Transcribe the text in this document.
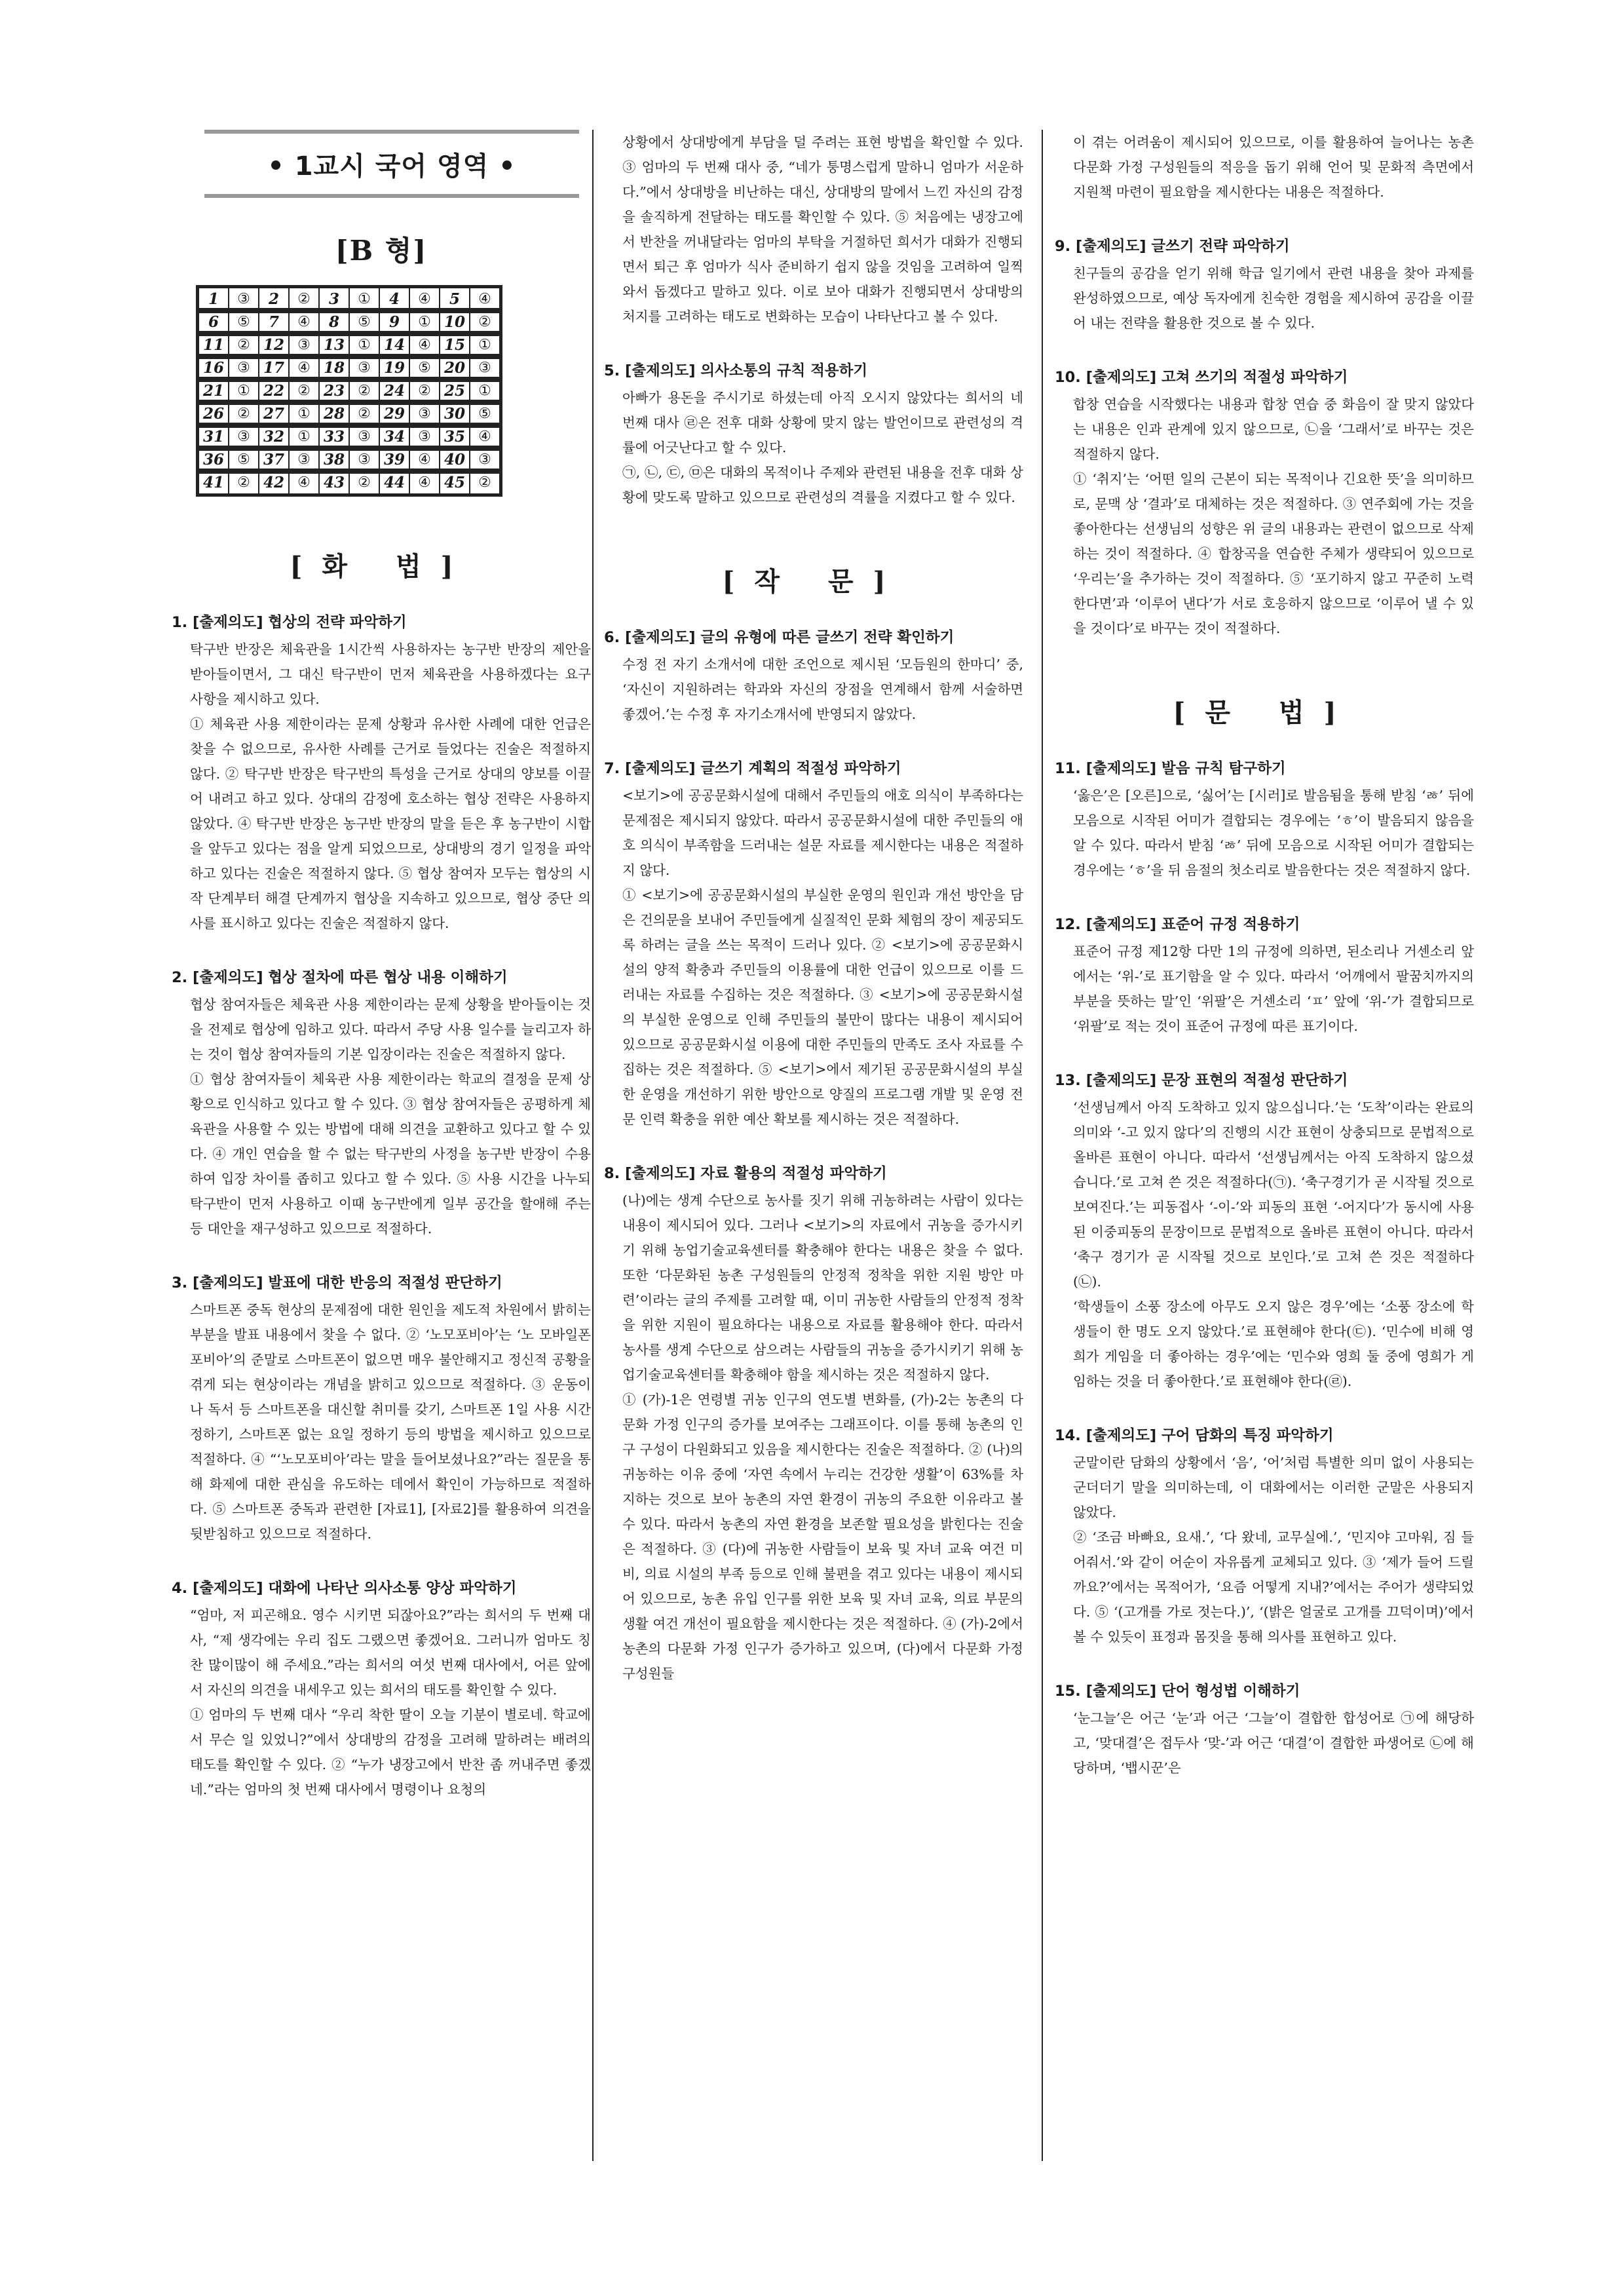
• 1교시 국어 영역 •
[B 형]
1	③	2	②	3	①	4	④	5	④
6	⑤	7	④	8	⑤	9	①	10	②
11	②	12	③	13	①	14	④	15	①
16	③	17	④	18	③	19	⑤	20	③
21	①	22	②	23	②	24	②	25	①
26	②	27	①	28	②	29	③	30	⑤
31	③	32	①	33	③	34	③	35	④
36	⑤	37	③	38	③	39	④	40	③
41	②	42	④	43	②	44	④	45	②
[화 법]
1. [출제의도] 협상의 전략 파악하기

탁구반 반장은 체육관을 1시간씩 사용하자는 농구반 반장의 제안을 받아들이면서, 그 대신 탁구반이 먼저 체육관을 사용하겠다는 요구 사항을 제시하고 있다.

① 체육관 사용 제한이라는 문제 상황과 유사한 사례에 대한 언급은 찾을 수 없으므로, 유사한 사례를 근거로 들었다는 진술은 적절하지 않다. ② 탁구반 반장은 탁구반의 특성을 근거로 상대의 양보를 이끌어 내려고 하고 있다. 상대의 감정에 호소하는 협상 전략은 사용하지 않았다. ④ 탁구반 반장은 농구반 반장의 말을 듣은 후 농구반이 시합을 앞두고 있다는 점을 알게 되었으므로, 상대방의 경기 일정을 파악하고 있다는 진술은 적절하지 않다. ⑤ 협상 참여자 모두는 협상의 시작 단계부터 해결 단계까지 협상을 지속하고 있으므로, 협상 중단 의사를 표시하고 있다는 진술은 적절하지 않다.

2. [출제의도] 협상 절차에 따른 협상 내용 이해하기

협상 참여자들은 체육관 사용 제한이라는 문제 상황을 받아들이는 것을 전제로 협상에 임하고 있다. 따라서 주당 사용 일수를 늘리고자 하는 것이 협상 참여자들의 기본 입장이라는 진술은 적절하지 않다.

① 협상 참여자들이 체육관 사용 제한이라는 학교의 결정을 문제 상황으로 인식하고 있다고 할 수 있다. ③ 협상 참여자들은 공평하게 체육관을 사용할 수 있는 방법에 대해 의견을 교환하고 있다고 할 수 있다. ④ 개인 연습을 할 수 없는 탁구반의 사정을 농구반 반장이 수용하여 입장 차이를 좁히고 있다고 할 수 있다. ⑤ 사용 시간을 나누되 탁구반이 먼저 사용하고 이때 농구반에게 일부 공간을 할애해 주는 등 대안을 재구성하고 있으므로 적절하다.

3. [출제의도] 발표에 대한 반응의 적절성 판단하기

스마트폰 중독 현상의 문제점에 대한 원인을 제도적 차원에서 밝히는 부분을 발표 내용에서 찾을 수 없다. ② ‘노모포비아’는 ‘노 모바일폰 포비아’의 준말로 스마트폰이 없으면 매우 불안해지고 정신적 공황을 겪게 되는 현상이라는 개념을 밝히고 있으므로 적절하다. ③ 운동이나 독서 등 스마트폰을 대신할 취미를 갖기, 스마트폰 1일 사용 시간 정하기, 스마트폰 없는 요일 정하기 등의 방법을 제시하고 있으므로 적절하다. ④ “‘노모포비아’라는 말을 들어보셨나요?”라는 질문을 통해 화제에 대한 관심을 유도하는 데에서 확인이 가능하므로 적절하다. ⑤ 스마트폰 중독과 관련한 [자료1], [자료2]를 활용하여 의견을 뒷받침하고 있으므로 적절하다.

4. [출제의도] 대화에 나타난 의사소통 양상 파악하기

“엄마, 저 피곤해요. 영수 시키면 되잖아요?”라는 희서의 두 번째 대사, “제 생각에는 우리 집도 그랬으면 좋겠어요. 그러니까 엄마도 칭찬 많이많이 해 주세요.”라는 희서의 여섯 번째 대사에서, 어른 앞에서 자신의 의견을 내세우고 있는 희서의 태도를 확인할 수 있다.

① 엄마의 두 번째 대사 “우리 착한 딸이 오늘 기분이 별로네. 학교에서 무슨 일 있었니?”에서 상대방의 감정을 고려해 말하려는 배려의 태도를 확인할 수 있다. ② “누가 냉장고에서 반찬 좀 꺼내주면 좋겠네.”라는 엄마의 첫 번째 대사에서 명령이나 요청의

상황에서 상대방에게 부담을 덜 주려는 표현 방법을 확인할 수 있다. ③ 엄마의 두 번째 대사 중, “네가 퉁명스럽게 말하니 엄마가 서운하다.”에서 상대방을 비난하는 대신, 상대방의 말에서 느낀 자신의 감정을 솔직하게 전달하는 태도를 확인할 수 있다. ⑤ 처음에는 냉장고에서 반찬을 꺼내달라는 엄마의 부탁을 거절하던 희서가 대화가 진행되면서 퇴근 후 엄마가 식사 준비하기 쉽지 않을 것임을 고려하여 일찍 와서 돕겠다고 말하고 있다. 이로 보아 대화가 진행되면서 상대방의 처지를 고려하는 태도로 변화하는 모습이 나타난다고 볼 수 있다.

5. [출제의도] 의사소통의 규칙 적용하기

아빠가 용돈을 주시기로 하셨는데 아직 오시지 않았다는 희서의 네 번째 대사 ㉣은 전후 대화 상황에 맞지 않는 발언이므로 관련성의 격률에 어긋난다고 할 수 있다.

㉠, ㉡, ㉢, ㉤은 대화의 목적이나 주제와 관련된 내용을 전후 대화 상황에 맞도록 말하고 있으므로 관련성의 격률을 지켰다고 할 수 있다.

[작 문]
6. [출제의도] 글의 유형에 따른 글쓰기 전략 확인하기

수정 전 자기 소개서에 대한 조언으로 제시된 ‘모듬원의 한마디’ 중, ‘자신이 지원하려는 학과와 자신의 장점을 연계해서 함께 서술하면 좋겠어.’는 수정 후 자기소개서에 반영되지 않았다.

7. [출제의도] 글쓰기 계획의 적절성 파악하기

<보기>에 공공문화시설에 대해서 주민들의 애호 의식이 부족하다는 문제점은 제시되지 않았다. 따라서 공공문화시설에 대한 주민들의 애호 의식이 부족함을 드러내는 설문 자료를 제시한다는 내용은 적절하지 않다.

① <보기>에 공공문화시설의 부실한 운영의 원인과 개선 방안을 담은 건의문을 보내어 주민들에게 실질적인 문화 체험의 장이 제공되도록 하려는 글을 쓰는 목적이 드러나 있다. ② <보기>에 공공문화시설의 양적 확충과 주민들의 이용률에 대한 언급이 있으므로 이를 드러내는 자료를 수집하는 것은 적절하다. ③ <보기>에 공공문화시설의 부실한 운영으로 인해 주민들의 불만이 많다는 내용이 제시되어 있으므로 공공문화시설 이용에 대한 주민들의 만족도 조사 자료를 수집하는 것은 적절하다. ⑤ <보기>에서 제기된 공공문화시설의 부실한 운영을 개선하기 위한 방안으로 양질의 프로그램 개발 및 운영 전문 인력 확충을 위한 예산 확보를 제시하는 것은 적절하다.

8. [출제의도] 자료 활용의 적절성 파악하기

(나)에는 생계 수단으로 농사를 짓기 위해 귀농하려는 사람이 있다는 내용이 제시되어 있다. 그러나 <보기>의 자료에서 귀농을 증가시키기 위해 농업기술교육센터를 확충해야 한다는 내용은 찾을 수 없다. 또한 ‘다문화된 농촌 구성원들의 안정적 정착을 위한 지원 방안 마련’이라는 글의 주제를 고려할 때, 이미 귀농한 사람들의 안정적 정착을 위한 지원이 필요하다는 내용으로 자료를 활용해야 한다. 따라서 농사를 생계 수단으로 삼으려는 사람들의 귀농을 증가시키기 위해 농업기술교육센터를 확충해야 함을 제시하는 것은 적절하지 않다.

① (가)-1은 연령별 귀농 인구의 연도별 변화를, (가)-2는 농촌의 다문화 가정 인구의 증가를 보여주는 그래프이다. 이를 통해 농촌의 인구 구성이 다원화되고 있음을 제시한다는 진술은 적절하다. ② (나)의 귀농하는 이유 중에 ‘자연 속에서 누리는 건강한 생활’이 63%를 차지하는 것으로 보아 농촌의 자연 환경이 귀농의 주요한 이유라고 볼 수 있다. 따라서 농촌의 자연 환경을 보존할 필요성을 밝힌다는 진술은 적절하다. ③ (다)에 귀농한 사람들이 보육 및 자녀 교육 여건 미비, 의료 시설의 부족 등으로 인해 불편을 겪고 있다는 내용이 제시되어 있으므로, 농촌 유입 인구를 위한 보육 및 자녀 교육, 의료 부문의 생활 여건 개선이 필요함을 제시한다는 것은 적절하다. ④ (가)-2에서 농촌의 다문화 가정 인구가 증가하고 있으며, (다)에서 다문화 가정 구성원들

이 겪는 어려움이 제시되어 있으므로, 이를 활용하여 늘어나는 농촌 다문화 가정 구성원들의 적응을 돕기 위해 언어 및 문화적 측면에서 지원책 마련이 필요함을 제시한다는 내용은 적절하다.

9. [출제의도] 글쓰기 전략 파악하기

친구들의 공감을 얻기 위해 학급 일기에서 관련 내용을 찾아 과제를 완성하였으므로, 예상 독자에게 친숙한 경험을 제시하여 공감을 이끌어 내는 전략을 활용한 것으로 볼 수 있다.

10. [출제의도] 고쳐 쓰기의 적절성 파악하기

합창 연습을 시작했다는 내용과 합창 연습 중 화음이 잘 맞지 않았다는 내용은 인과 관계에 있지 않으므로, ㉡을 ‘그래서’로 바꾸는 것은 적절하지 않다.

① ‘취지’는 ‘어떤 일의 근본이 되는 목적이나 긴요한 뜻’을 의미하므로, 문맥 상 ‘결과’로 대체하는 것은 적절하다. ③ 연주회에 가는 것을 좋아한다는 선생님의 성향은 위 글의 내용과는 관련이 없으므로 삭제하는 것이 적절하다. ④ 합창곡을 연습한 주체가 생략되어 있으므로 ‘우리는’을 추가하는 것이 적절하다. ⑤ ‘포기하지 않고 꾸준히 노력한다면’과 ‘이루어 낸다’가 서로 호응하지 않으므로 ‘이루어 낼 수 있을 것이다’로 바꾸는 것이 적절하다.

[문 법]
11. [출제의도] 발음 규칙 탐구하기

‘옳은’은 [오른]으로, ‘싫어’는 [시러]로 발음됨을 통해 받침 ‘ㅀ’ 뒤에 모음으로 시작된 어미가 결합되는 경우에는 ‘ㅎ’이 발음되지 않음을 알 수 있다. 따라서 받침 ‘ㅀ’ 뒤에 모음으로 시작된 어미가 결합되는 경우에는 ‘ㅎ’을 뒤 음절의 첫소리로 발음한다는 것은 적절하지 않다.

12. [출제의도] 표준어 규정 적용하기

표준어 규정 제12항 다만 1의 규정에 의하면, 된소리나 거센소리 앞에서는 ‘위-’로 표기함을 알 수 있다. 따라서 ‘어깨에서 팔꿈치까지의 부분을 뜻하는 말’인 ‘위팔’은 거센소리 ‘ㅍ’ 앞에 ‘위-’가 결합되므로 ‘위팔’로 적는 것이 표준어 규정에 따른 표기이다.

13. [출제의도] 문장 표현의 적절성 판단하기

‘선생님께서 아직 도착하고 있지 않으십니다.’는 ‘도착’이라는 완료의 의미와 ‘-고 있지 않다’의 진행의 시간 표현이 상충되므로 문법적으로 올바른 표현이 아니다. 따라서 ‘선생님께서는 아직 도착하지 않으셨습니다.’로 고쳐 쓴 것은 적절하다(㉠). ‘축구경기가 곧 시작될 것으로 보여진다.’는 피동접사 ‘-이-’와 피동의 표현 ‘-어지다’가 동시에 사용된 이중피동의 문장이므로 문법적으로 올바른 표현이 아니다. 따라서 ‘축구 경기가 곧 시작될 것으로 보인다.’로 고쳐 쓴 것은 적절하다(㉡).

‘학생들이 소풍 장소에 아무도 오지 않은 경우’에는 ‘소풍 장소에 학생들이 한 명도 오지 않았다.’로 표현해야 한다(㉢). ‘민수에 비해 영희가 게임을 더 좋아하는 경우’에는 ‘민수와 영희 둘 중에 영희가 게임하는 것을 더 좋아한다.’로 표현해야 한다(㉣).

14. [출제의도] 구어 담화의 특징 파악하기

군말이란 담화의 상황에서 ‘음’, ‘어’처럼 특별한 의미 없이 사용되는 군더더기 말을 의미하는데, 이 대화에서는 이러한 군말은 사용되지 않았다.

② ‘조금 바빠요, 요새.’, ‘다 왔네, 교무실에.’, ‘민지야 고마워, 짐 들어줘서.’와 같이 어순이 자유롭게 교체되고 있다. ③ ‘제가 들어 드릴까요?’에서는 목적어가, ‘요즘 어떻게 지내?’에서는 주어가 생략되었다. ⑤ ‘(고개를 가로 젓는다.)’, ‘(밝은 얼굴로 고개를 끄덕이며)’에서 볼 수 있듯이 표정과 몸짓을 통해 의사를 표현하고 있다.

15. [출제의도] 단어 형성법 이해하기

‘눈그늘’은 어근 ‘눈’과 어근 ‘그늘’이 결합한 합성어로 ㉠에 해당하고, ‘맞대결’은 접두사 ‘맞-’과 어근 ‘대결’이 결합한 파생어로 ㉡에 해당하며, ‘뱁시꾼’은
